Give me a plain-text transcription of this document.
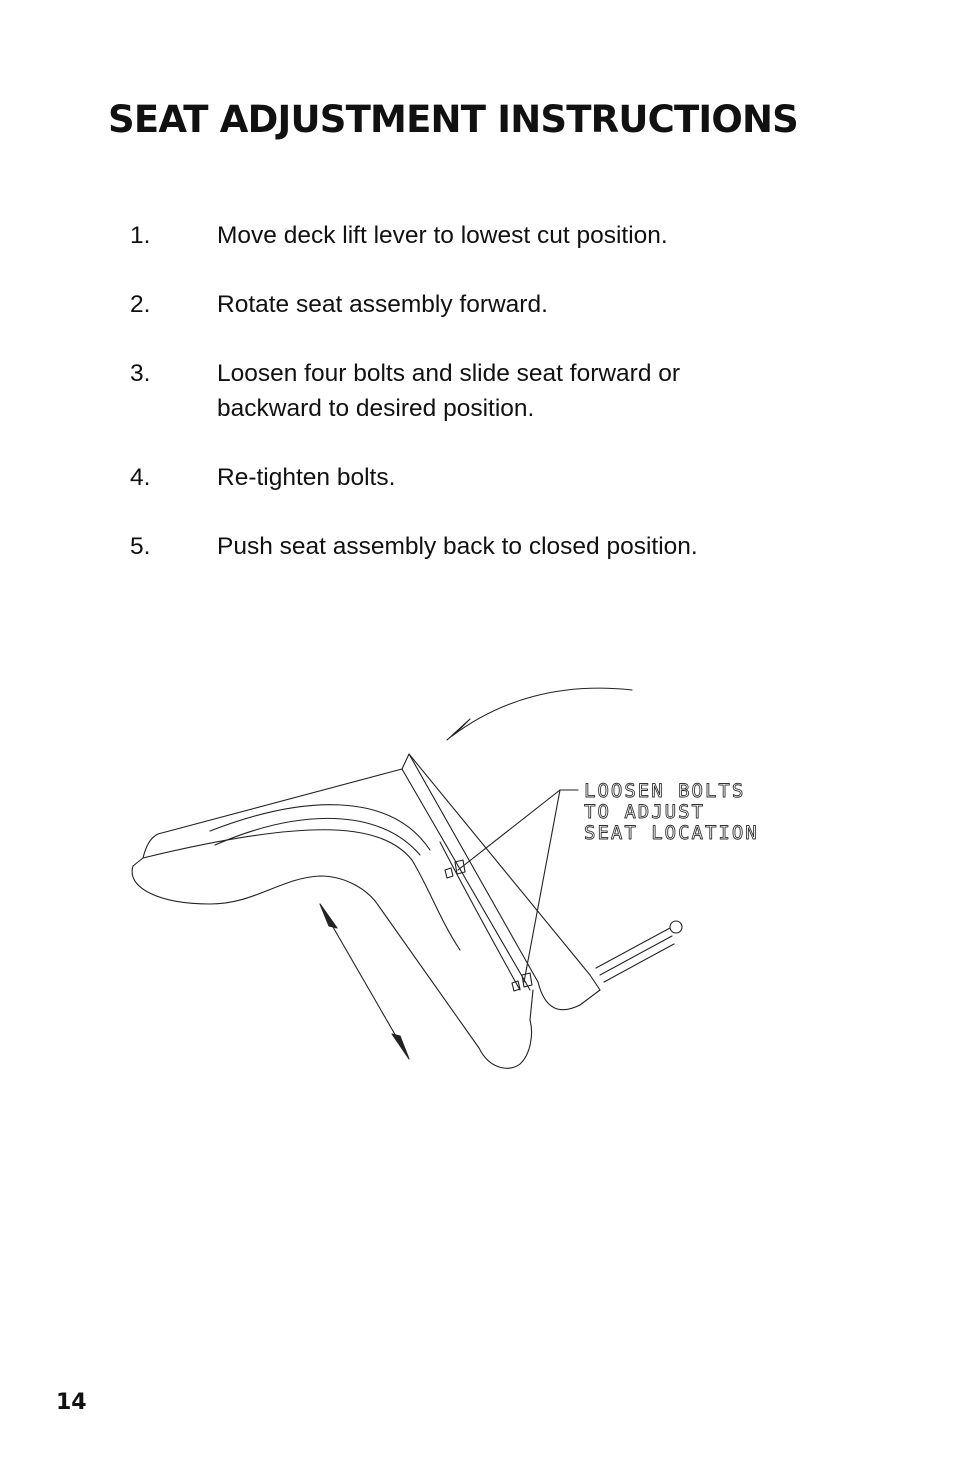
SEAT ADJUSTMENT INSTRUCTIONS
1.	Move deck lift lever to lowest cut position.
2.	Rotate seat assembly forward.
3.	Loosen four bolts and slide seat forward or backward to desired position.
4.	Re-tighten bolts.
5.	Push seat assembly back to closed position.
LOOSEN BOLTS
TO ADJUST
SEAT LOCATION
14
